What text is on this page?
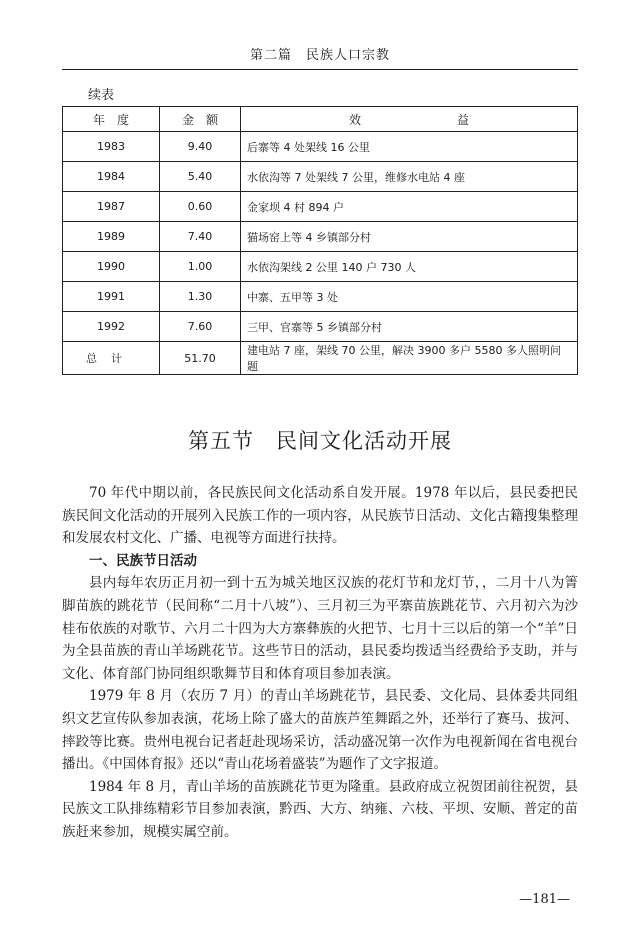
第二篇　民族人口宗教
续表
年　度	金　额	效　　　　　　　　益
1983	9.40	后寨等 4 处架线 16 公里
1984	5.40	水依沟等 7 处架线 7 公里，维修水电站 4 座
1987	0.60	金家坝 4 村 894 户
1989	7.40	猫场窑上等 4 乡镇部分村
1990	1.00	水依沟架线 2 公里 140 户 730 人
1991	1.30	中寨、五甲等 3 处
1992	7.60	三甲、官寨等 5 乡镇部分村
总计	51.70	建电站 7 座，架线 70 公里，解决 3900 多户 5580 多人照明问题
第五节　民间文化活动开展

70 年代中期以前，各民族民间文化活动系自发开展。1978 年以后，县民委把民族民间文化活动的开展列入民族工作的一项内容，从民族节日活动、文化古籍搜集整理和发展农村文化、广播、电视等方面进行扶持。

一、民族节日活动

县内每年农历正月初一到十五为城关地区汉族的花灯节和龙灯节，，二月十八为箐脚苗族的跳花节（民间称“二月十八坡”）、三月初三为平寨苗族跳花节、六月初六为沙桂布依族的对歌节、六月二十四为大方寨彝族的火把节、七月十三以后的第一个“羊”日为全县苗族的青山羊场跳花节。这些节日的活动，县民委均拨适当经费给予支助，并与文化、体育部门协同组织歌舞节目和体育项目参加表演。

1979 年 8 月（农历 7 月）的青山羊场跳花节，县民委、文化局、县体委共同组织文艺宣传队参加表演，花场上除了盛大的苗族芦笙舞蹈之外，还举行了赛马、拔河、摔跤等比赛。贵州电视台记者赶赴现场采访，活动盛况第一次作为电视新闻在省电视台播出。《中国体育报》还以“青山花场着盛装”为题作了文字报道。

1984 年 8 月，青山羊场的苗族跳花节更为隆重。县政府成立祝贺团前往祝贺，县民族文工队排练精彩节目参加表演，黔西、大方、纳雍、六枝、平坝、安顺、普定的苗族赶来参加，规模实属空前。

—181—
